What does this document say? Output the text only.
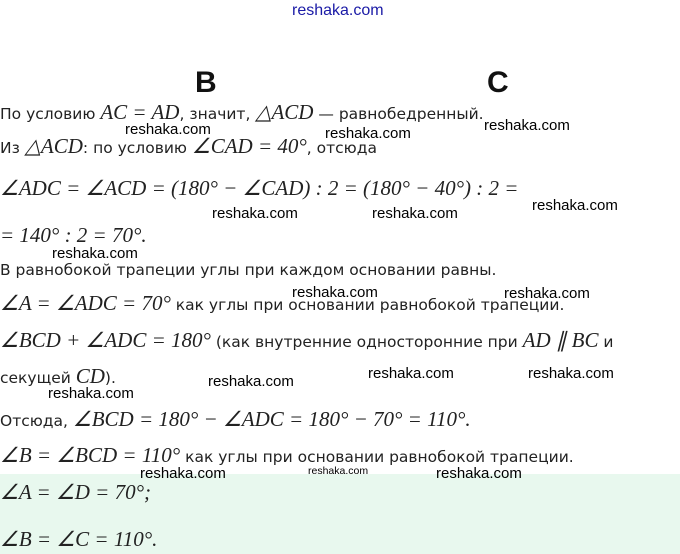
reshaka.com
B	C
По условию AC = AD, значит, △ACD — равнобедренный.
Из △ACD: по условию ∠CAD = 40°, отсюда
∠ADC = ∠ACD = (180° − ∠CAD) : 2 = (180° − 40°) : 2 =
= 140° : 2 = 70°.
В равнобокой трапеции углы при каждом основании равны.
∠A = ∠ADC = 70° как углы при основании равнобокой трапеции.
∠BCD + ∠ADC = 180° (как внутренние односторонние при AD ∥ BC и
секущей CD).
Отсюда, ∠BCD = 180° − ∠ADC = 180° − 70° = 110°.
∠B = ∠BCD = 110° как углы при основании равнобокой трапеции.
∠A = ∠D = 70°;
∠B = ∠C = 110°.
reshaka.com	reshaka.com	reshaka.com
reshaka.com	reshaka.com	reshaka.com
reshaka.com
reshaka.com	reshaka.com
reshaka.com
reshaka.com	reshaka.com	reshaka.com
reshaka.com	reshaka.com	reshaka.com
